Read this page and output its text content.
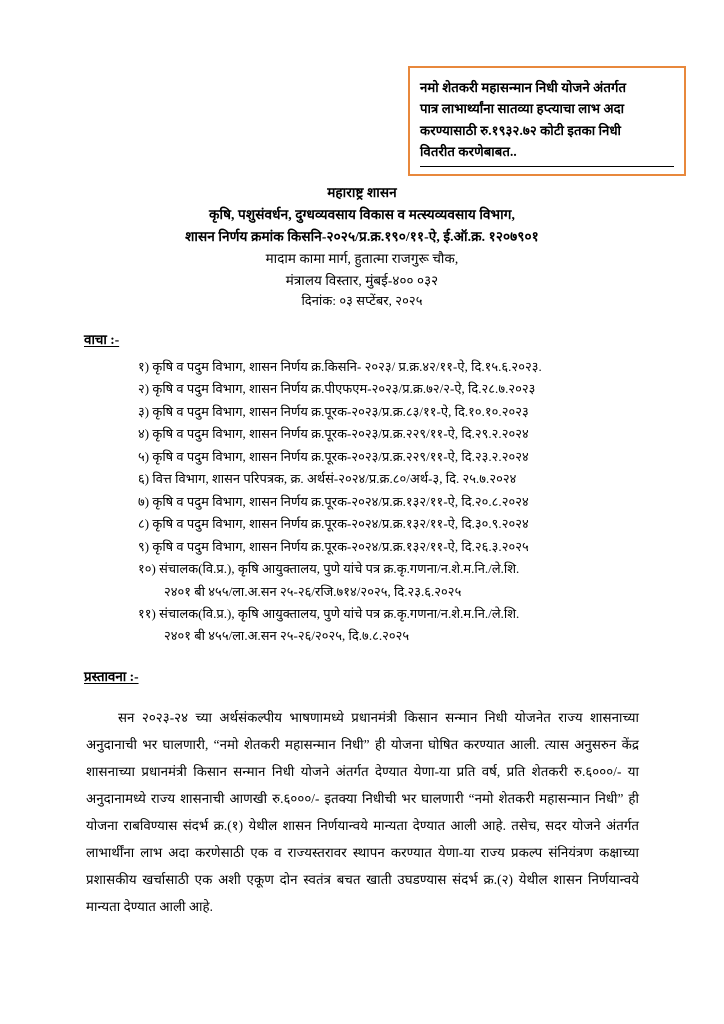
नमो शेतकरी महासन्मान निधी योजने अंतर्गत
पात्र लाभार्थ्यांना सातव्या हप्त्याचा लाभ अदा
करण्यासाठी रु.१९३२.७२ कोटी इतका निधी
वितरीत करणेबाबत..
महाराष्ट्र शासन
कृषि, पशुसंवर्धन, दुग्धव्यवसाय विकास व मत्स्यव्यवसाय विभाग,
शासन निर्णय क्रमांक किसनि-२०२५/प्र.क्र.१९०/११-ऐ, ई.ऑ.क्र. १२०७९०१
मादाम कामा मार्ग, हुतात्मा राजगुरू चौक,
मंत्रालय विस्तार, मुंबई-४०० ०३२
दिनांक: ०३ सप्टेंबर, २०२५
वाचा :-
१) कृषि व पदुम विभाग, शासन निर्णय क्र.किसनि- २०२३/ प्र.क्र.४२/११-ऐ, दि.१५.६.२०२३.
२) कृषि व पदुम विभाग, शासन निर्णय क्र.पीएफएम-२०२३/प्र.क्र.७२/२-ऐ, दि.२८.७.२०२३
३) कृषि व पदुम विभाग, शासन निर्णय क्र.पूरक-२०२३/प्र.क्र.८३/११-ऐ, दि.१०.१०.२०२३
४) कृषि व पदुम विभाग, शासन निर्णय क्र.पूरक-२०२३/प्र.क्र.२२९/११-ऐ, दि.२९.२.२०२४
५) कृषि व पदुम विभाग, शासन निर्णय क्र.पूरक-२०२३/प्र.क्र.२२९/११-ऐ, दि.२३.२.२०२४
६) वित्त विभाग, शासन परिपत्रक, क्र. अर्थसं-२०२४/प्र.क्र.८०/अर्थ-३, दि. २५.७.२०२४
७) कृषि व पदुम विभाग, शासन निर्णय क्र.पूरक-२०२४/प्र.क्र.१३२/११-ऐ, दि.२०.८.२०२४
८) कृषि व पदुम विभाग, शासन निर्णय क्र.पूरक-२०२४/प्र.क्र.१३२/११-ऐ, दि.३०.९.२०२४
९) कृषि व पदुम विभाग, शासन निर्णय क्र.पूरक-२०२४/प्र.क्र.१३२/११-ऐ, दि.२६.३.२०२५
१०) संचालक(वि.प्र.), कृषि आयुक्तालय, पुणे यांचे पत्र क्र.कृ.गणना/न.शे.म.नि./ले.शि.
२४०१ बी ४५५/ला.अ.सन २५-२६/रजि.७१४/२०२५, दि.२३.६.२०२५
११) संचालक(वि.प्र.), कृषि आयुक्तालय, पुणे यांचे पत्र क्र.कृ.गणना/न.शे.म.नि./ले.शि.
२४०१ बी ४५५/ला.अ.सन २५-२६/२०२५, दि.७.८.२०२५
प्रस्तावना :-
सन २०२३-२४ च्या अर्थसंकल्पीय भाषणामध्ये प्रधानमंत्री किसान सन्मान निधी योजनेत राज्य शासनाच्या अनुदानाची भर घालणारी, “नमो शेतकरी महासन्मान निधी” ही योजना घोषित करण्यात आली. त्यास अनुसरुन केंद्र शासनाच्या प्रधानमंत्री किसान सन्मान निधी योजने अंतर्गत देण्यात येणा-या प्रति वर्ष, प्रति शेतकरी रु.६०००/- या अनुदानामध्ये राज्य शासनाची आणखी रु.६०००/- इतक्या निधीची भर घालणारी “नमो शेतकरी महासन्मान निधी” ही योजना राबविण्यास संदर्भ क्र.(१) येथील शासन निर्णयान्वये मान्यता देण्यात आली आहे. तसेच, सदर योजने अंतर्गत लाभार्थींना लाभ अदा करणेसाठी एक व राज्यस्तरावर स्थापन करण्यात येणा-या राज्य प्रकल्प संनियंत्रण कक्षाच्या प्रशासकीय खर्चासाठी एक अशी एकूण दोन स्वतंत्र बचत खाती उघडण्यास संदर्भ क्र.(२) येथील शासन निर्णयान्वये मान्यता देण्यात आली आहे.
